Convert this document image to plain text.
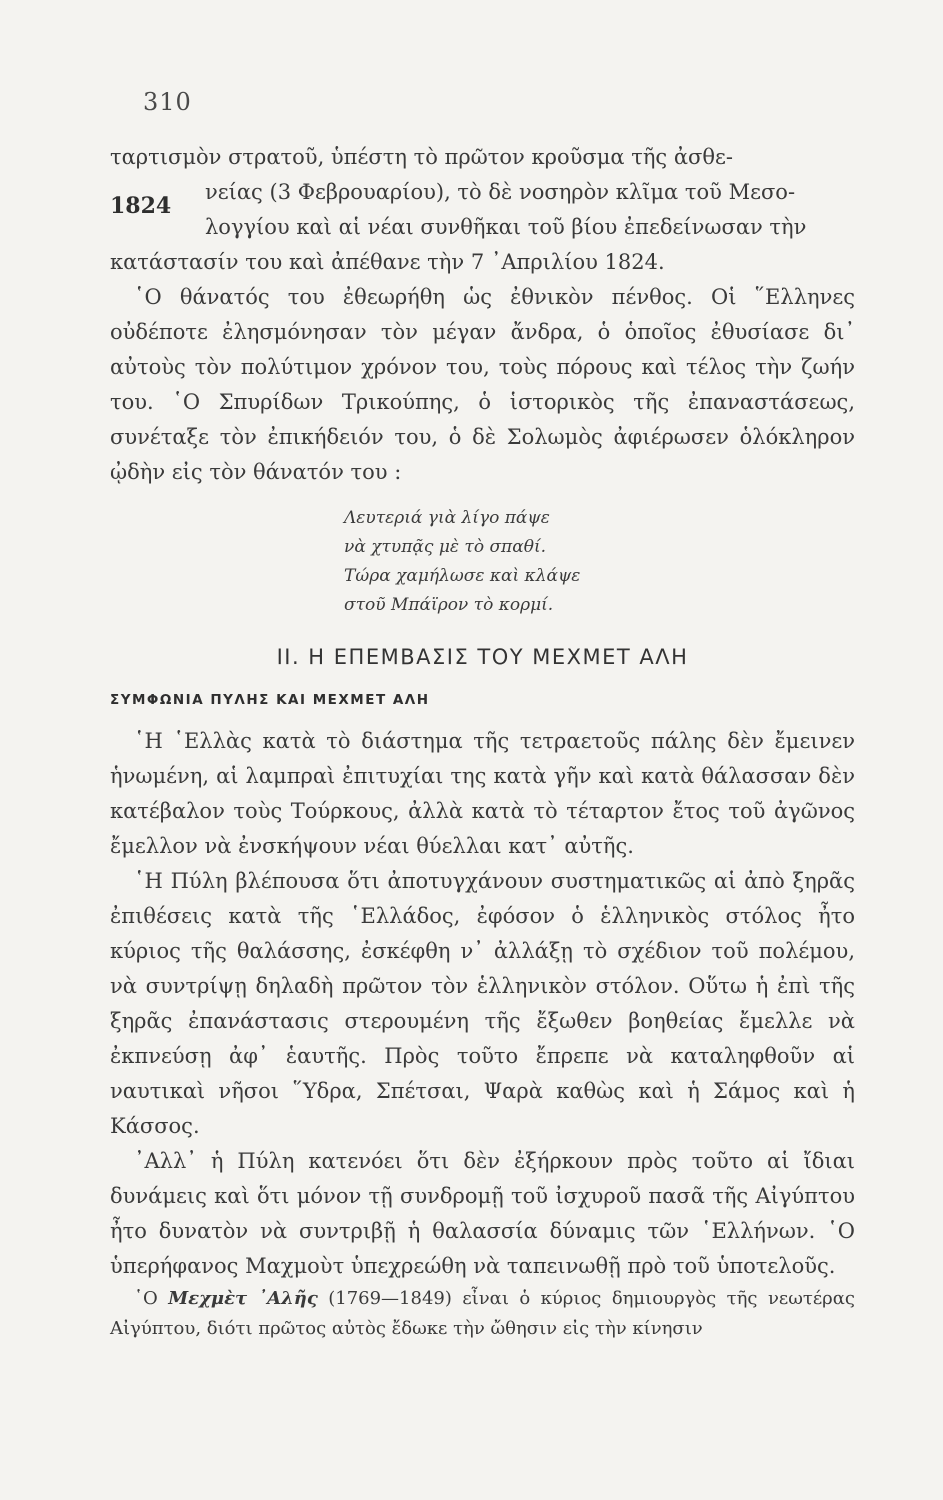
310
1824

ταρτισμὸν στρατοῦ, ὑπέστη τὸ πρῶτον κροῦσμα τῆς ἀσθε-
νείας (3 Φεβρουαρίου), τὸ δὲ νοσηρὸν κλῖμα τοῦ Μεσο-
λογγίου καὶ αἱ νέαι συνθῆκαι τοῦ βίου ἐπεδείνωσαν τὴν
κατάστασίν του καὶ ἀπέθανε τὴν 7 ᾽Απριλίου 1824.

῾Ο θάνατός του ἐθεωρήθη ὡς ἐθνικὸν πένθος. Οἱ ῞Ελληνες οὐδέποτε ἐλησμόνησαν τὸν μέγαν ἄνδρα, ὁ ὁποῖος ἐθυσίασε δι᾽ αὐτοὺς τὸν πολύτιμον χρόνον του, τοὺς πόρους καὶ τέλος τὴν ζωήν του. ῾Ο Σπυρίδων Τρικούπης, ὁ ἱστορικὸς τῆς ἐπαναστάσεως, συνέταξε τὸν ἐπικήδειόν του, ὁ δὲ Σολωμὸς ἀφιέρωσεν ὁλόκληρον ᾠδὴν εἰς τὸν θάνατόν του :

Λευτεριά γιὰ λίγο πάψε
νὰ χτυπᾷς μὲ τὸ σπαθί.
Τώρα χαμήλωσε καὶ κλάψε
στοῦ Μπάϊρον τὸ κορμί.
ΙΙ. Η ΕΠΕΜΒΑΣΙΣ ΤΟΥ ΜΕΧΜΕΤ ΑΛΗ
ΣΥΜΦΩΝΙΑ ΠΥΛΗΣ ΚΑΙ ΜΕΧΜΕΤ ΑΛΗ

῾Η ῾Ελλὰς κατὰ τὸ διάστημα τῆς τετραετοῦς πάλης δὲν ἔμεινεν ἡνωμένη, αἱ λαμπραὶ ἐπιτυχίαι της κατὰ γῆν καὶ κατὰ θάλασσαν δὲν κατέβαλον τοὺς Τούρκους, ἀλλὰ κατὰ τὸ τέταρτον ἔτος τοῦ ἀγῶνος ἔμελλον νὰ ἐνσκήψουν νέαι θύελλαι κατ᾽ αὐτῆς.

῾Η Πύλη βλέπουσα ὅτι ἀποτυγχάνουν συστηματικῶς αἱ ἀπὸ ξηρᾶς ἐπιθέσεις κατὰ τῆς ῾Ελλάδος, ἐφόσον ὁ ἑλληνικὸς στόλος ἦτο κύριος τῆς θαλάσσης, ἐσκέφθη ν᾽ ἀλλάξῃ τὸ σχέδιον τοῦ πολέμου, νὰ συντρίψῃ δηλαδὴ πρῶτον τὸν ἑλληνικὸν στόλον. Οὕτω ἡ ἐπὶ τῆς ξηρᾶς ἐπανάστασις στερουμένη τῆς ἔξωθεν βοηθείας ἔμελλε νὰ ἐκπνεύσῃ ἀφ᾽ ἑαυτῆς. Πρὸς τοῦτο ἔπρεπε νὰ καταληφθοῦν αἱ ναυτικαὶ νῆσοι ῞Υδρα, Σπέτσαι, Ψαρὰ καθὼς καὶ ἡ Σάμος καὶ ἡ Κάσσος.

᾽Αλλ᾽ ἡ Πύλη κατενόει ὅτι δὲν ἐξήρκουν πρὸς τοῦτο αἱ ἴδιαι δυνάμεις καὶ ὅτι μόνον τῇ συνδρομῇ τοῦ ἰσχυροῦ πασᾶ τῆς Αἰγύπτου ἦτο δυνατὸν νὰ συντριβῇ ἡ θαλασσία δύναμις τῶν ῾Ελλήνων. ῾Ο ὑπερήφανος Μαχμοὺτ ὑπεχρεώθη νὰ ταπεινωθῇ πρὸ τοῦ ὑποτελοῦς.

῾Ο Μεχμὲτ ᾽Αλῆς (1769—1849) εἶναι ὁ κύριος δημιουργὸς τῆς νεωτέρας Αἰγύπτου, διότι πρῶτος αὐτὸς ἔδωκε τὴν ὤθησιν εἰς τὴν κίνησιν
